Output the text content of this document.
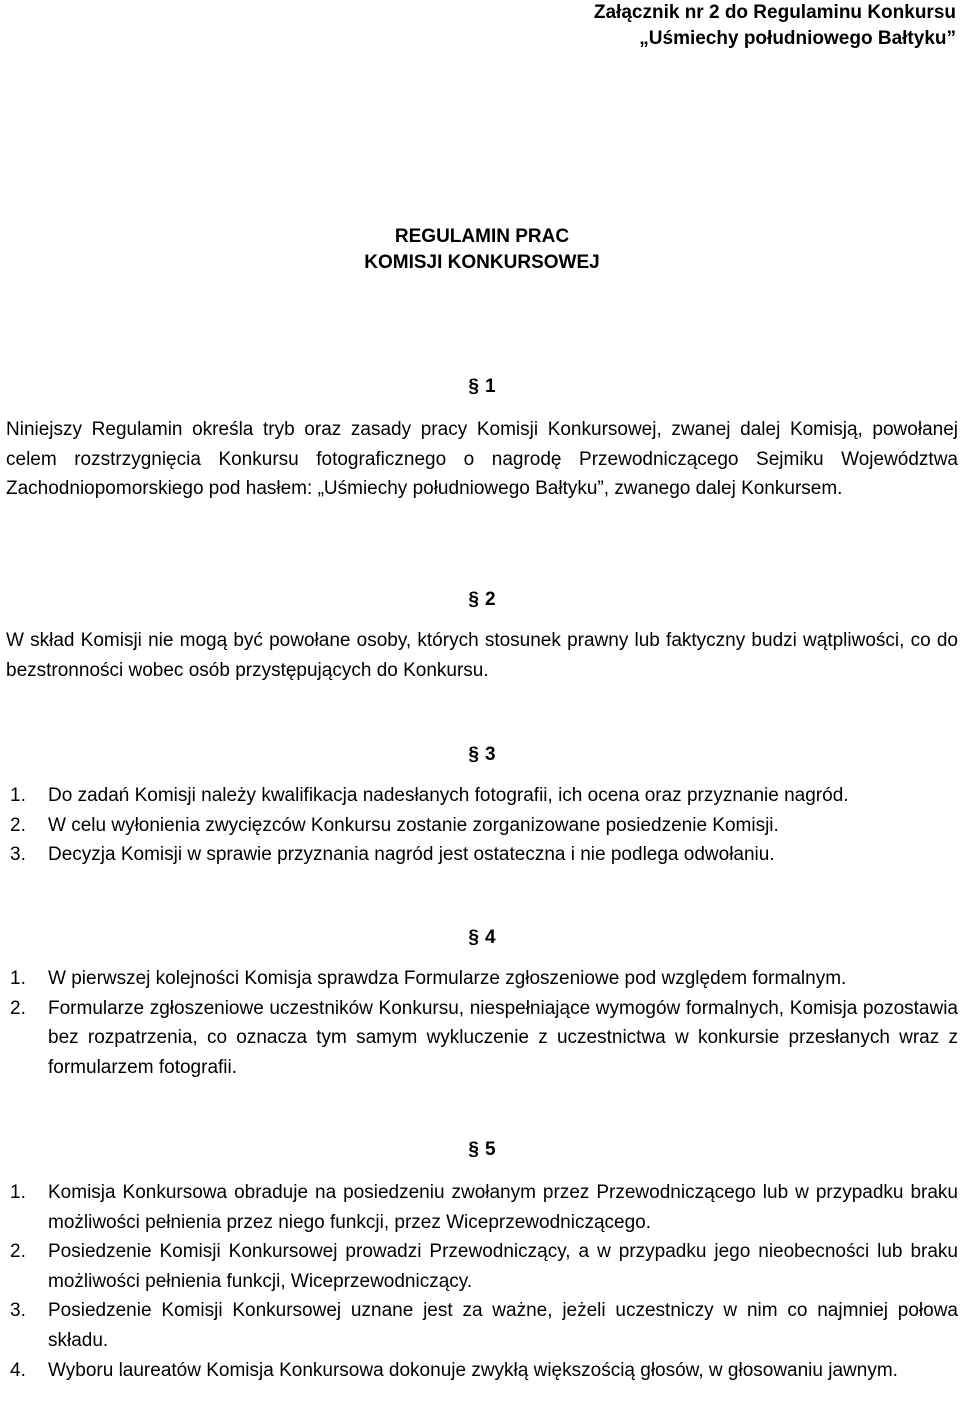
Załącznik nr 2 do Regulaminu Konkursu
„Uśmiechy południowego Bałtyku”
REGULAMIN PRAC
KOMISJI KONKURSOWEJ
§ 1
Niniejszy Regulamin określa tryb oraz zasady pracy Komisji Konkursowej, zwanej dalej Komisją, powołanej celem rozstrzygnięcia Konkursu fotograficznego o nagrodę Przewodniczącego Sejmiku Województwa Zachodniopomorskiego pod hasłem: „Uśmiechy południowego Bałtyku”, zwanego dalej Konkursem.
§ 2
W skład Komisji nie mogą być powołane osoby, których stosunek prawny lub faktyczny budzi wątpliwości, co do bezstronności wobec osób przystępujących do Konkursu.
§ 3
1. Do zadań Komisji należy kwalifikacja nadesłanych fotografii, ich ocena oraz przyznanie nagród.
2. W celu wyłonienia zwycięzców Konkursu zostanie zorganizowane posiedzenie Komisji.
3. Decyzja Komisji w sprawie przyznania nagród jest ostateczna i nie podlega odwołaniu.
§ 4
1. W pierwszej kolejności Komisja sprawdza Formularze zgłoszeniowe pod względem formalnym.
2. Formularze zgłoszeniowe uczestników Konkursu, niespełniające wymogów formalnych, Komisja pozostawia bez rozpatrzenia, co oznacza tym samym wykluczenie z uczestnictwa w konkursie przesłanych wraz z formularzem fotografii.
§ 5
1. Komisja Konkursowa obraduje na posiedzeniu zwołanym przez Przewodniczącego lub w przypadku braku możliwości pełnienia przez niego funkcji, przez Wiceprzewodniczącego.
2. Posiedzenie Komisji Konkursowej prowadzi Przewodniczący, a w przypadku jego nieobecności lub braku możliwości pełnienia funkcji, Wiceprzewodniczący.
3. Posiedzenie Komisji Konkursowej uznane jest za ważne, jeżeli uczestniczy w nim co najmniej połowa składu.
4. Wyboru laureatów Komisja Konkursowa dokonuje zwykłą większością głosów, w głosowaniu jawnym.
